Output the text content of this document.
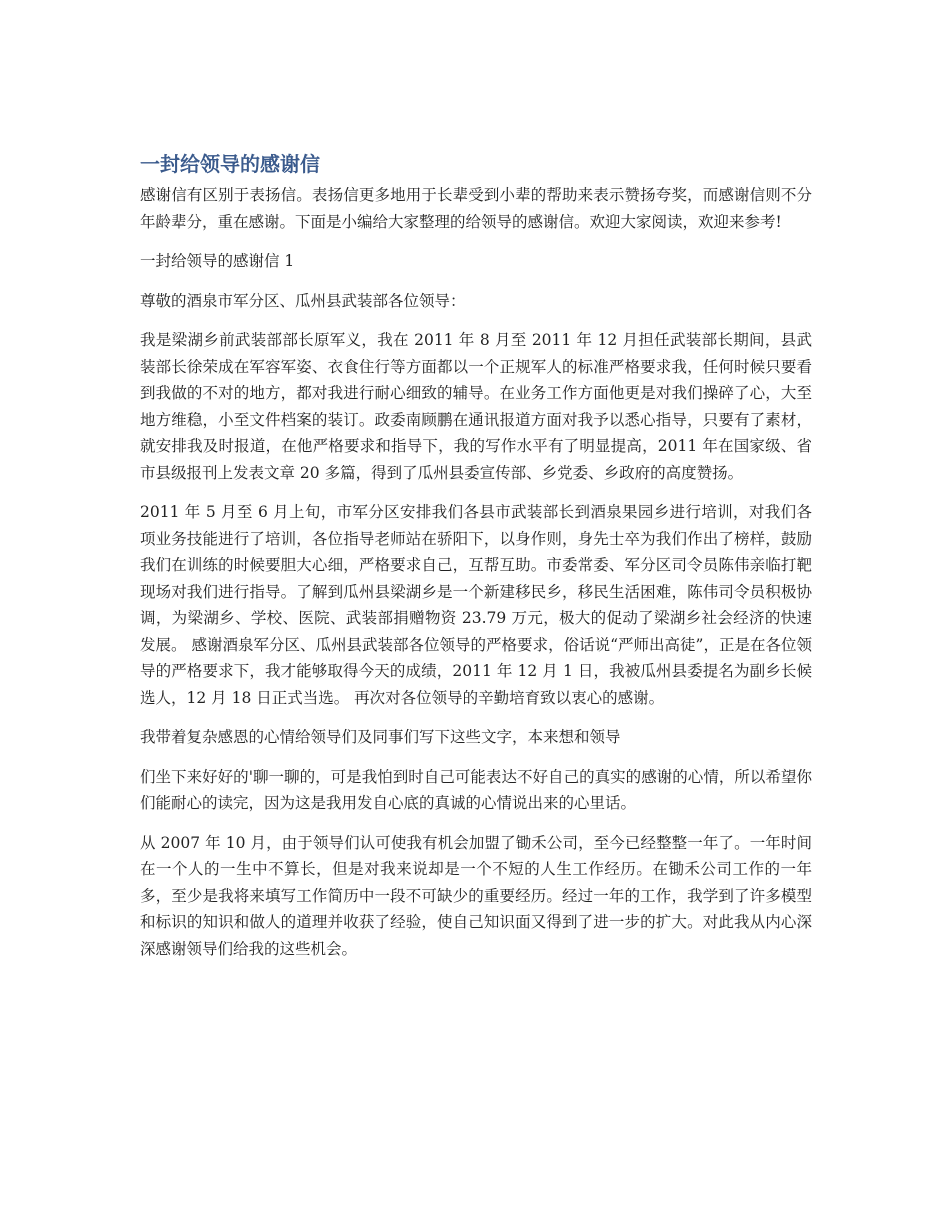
一封给领导的感谢信

感谢信有区别于表扬信。表扬信更多地用于长辈受到小辈的帮助来表示赞扬夸奖，而感谢信则不分年龄辈分，重在感谢。下面是小编给大家整理的给领导的感谢信。欢迎大家阅读，欢迎来参考!

一封给领导的感谢信 1

尊敬的酒泉市军分区、瓜州县武装部各位领导：

我是梁湖乡前武装部部长原军义，我在 2011 年 8 月至 2011 年 12 月担任武装部长期间，县武装部长徐荣成在军容军姿、衣食住行等方面都以一个正规军人的标准严格要求我，任何时候只要看到我做的不对的地方，都对我进行耐心细致的辅导。在业务工作方面他更是对我们操碎了心，大至地方维稳，小至文件档案的装订。政委南顾鹏在通讯报道方面对我予以悉心指导，只要有了素材，就安排我及时报道，在他严格要求和指导下，我的写作水平有了明显提高，2011 年在国家级、省市县级报刊上发表文章 20 多篇，得到了瓜州县委宣传部、乡党委、乡政府的高度赞扬。

2011 年 5 月至 6 月上旬，市军分区安排我们各县市武装部长到酒泉果园乡进行培训，对我们各项业务技能进行了培训，各位指导老师站在骄阳下，以身作则，身先士卒为我们作出了榜样，鼓励我们在训练的时候要胆大心细，严格要求自己，互帮互助。市委常委、军分区司令员陈伟亲临打靶现场对我们进行指导。了解到瓜州县梁湖乡是一个新建移民乡，移民生活困难，陈伟司令员积极协调，为梁湖乡、学校、医院、武装部捐赠物资 23.79 万元，极大的促动了梁湖乡社会经济的快速发展。 感谢酒泉军分区、瓜州县武装部各位领导的严格要求，俗话说“严师出高徒”，正是在各位领导的严格要求下，我才能够取得今天的成绩，2011 年 12 月 1 日，我被瓜州县委提名为副乡长候选人，12 月 18 日正式当选。 再次对各位领导的辛勤培育致以衷心的感谢。

我带着复杂感恩的心情给领导们及同事们写下这些文字，本来想和领导

们坐下来好好的'聊一聊的，可是我怕到时自己可能表达不好自己的真实的感谢的心情，所以希望你们能耐心的读完，因为这是我用发自心底的真诚的心情说出来的心里话。

从 2007 年 10 月，由于领导们认可使我有机会加盟了锄禾公司，至今已经整整一年了。一年时间在一个人的一生中不算长，但是对我来说却是一个不短的人生工作经历。在锄禾公司工作的一年多，至少是我将来填写工作简历中一段不可缺少的重要经历。经过一年的工作，我学到了许多模型和标识的知识和做人的道理并收获了经验，使自己知识面又得到了进一步的扩大。对此我从内心深深感谢领导们给我的这些机会。
